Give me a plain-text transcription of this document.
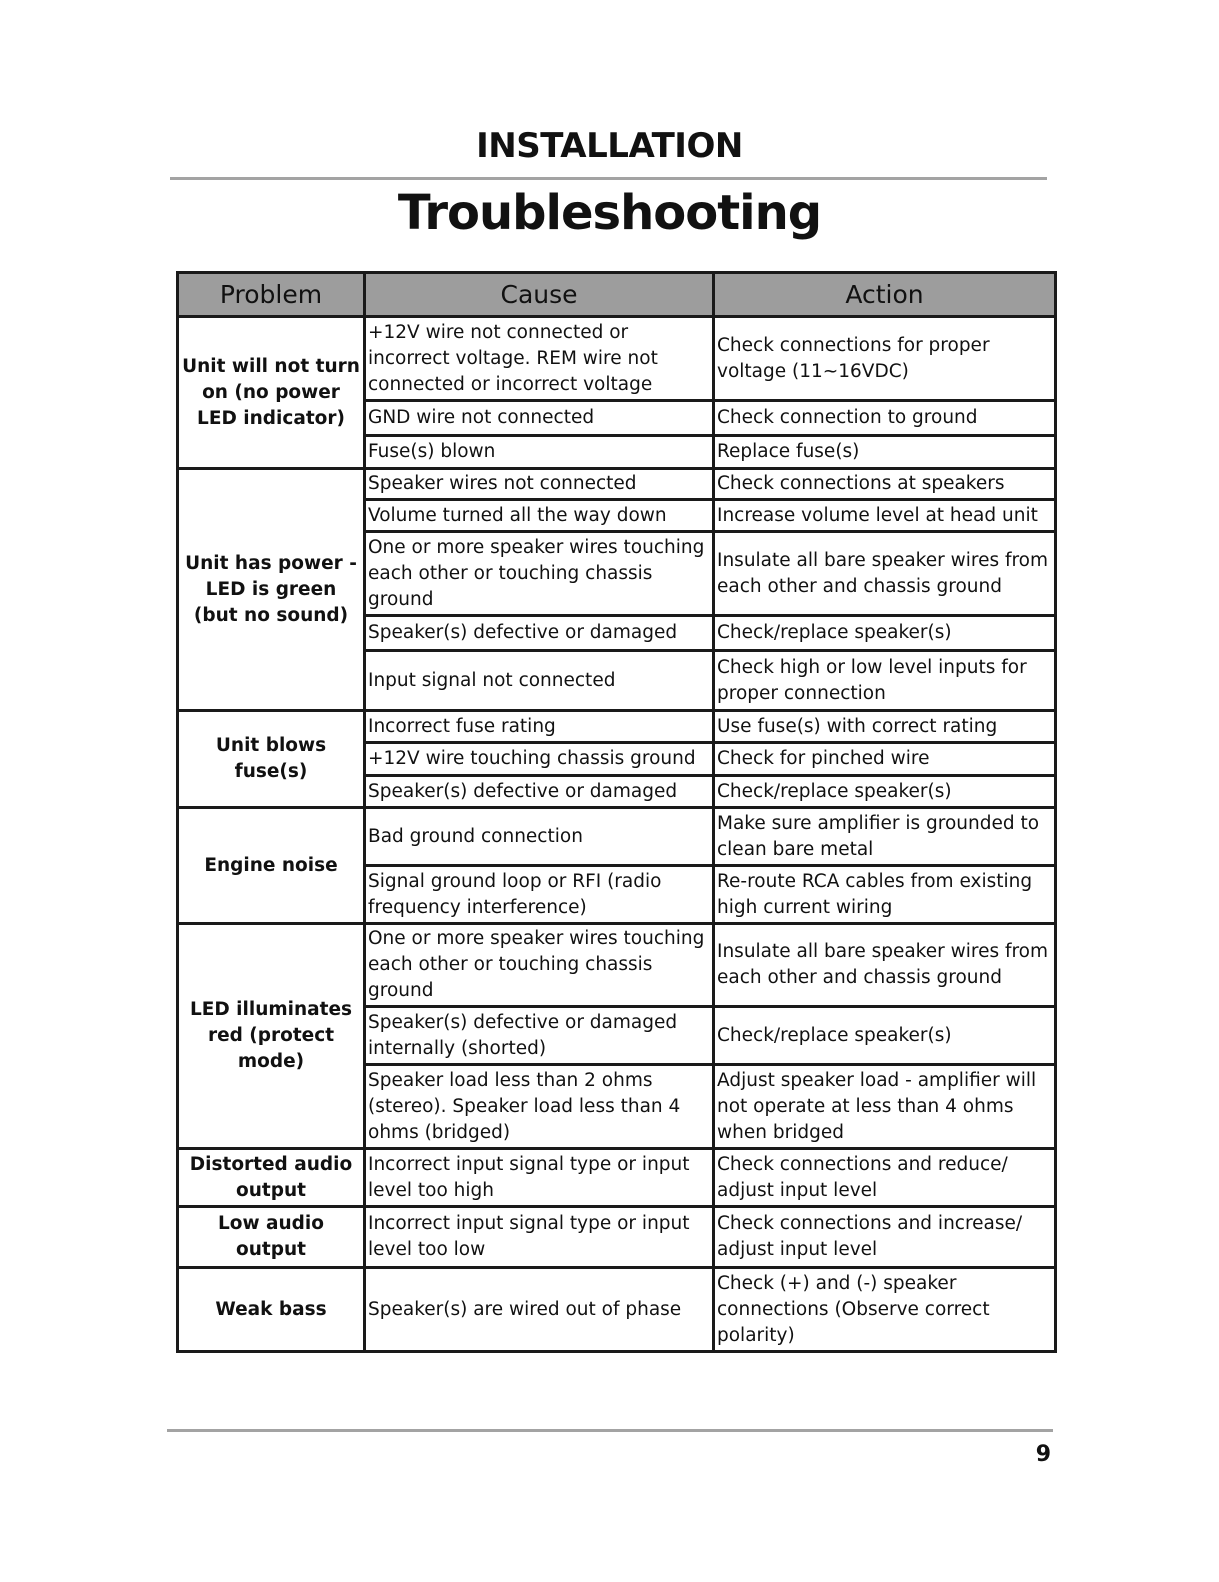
INSTALLATION
Troubleshooting
Problem	Cause	Action
Unit will not turn on (no power LED indicator)	+12V wire not connected or incorrect voltage. REM wire not connected or incorrect voltage	Check connections for proper voltage (11~16VDC)
	GND wire not connected	Check connection to ground
	Fuse(s) blown	Replace fuse(s)
Unit has power - LED is green (but no sound)	Speaker wires not connected	Check connections at speakers
	Volume turned all the way down	Increase volume level at head unit
	One or more speaker wires touching each other or touching chassis ground	Insulate all bare speaker wires from each other and chassis ground
	Speaker(s) defective or damaged	Check/replace speaker(s)
	Input signal not connected	Check high or low level inputs for proper connection
Unit blows fuse(s)	Incorrect fuse rating	Use fuse(s) with correct rating
	+12V wire touching chassis ground	Check for pinched wire
	Speaker(s) defective or damaged	Check/replace speaker(s)
Engine noise	Bad ground connection	Make sure amplifier is grounded to clean bare metal
	Signal ground loop or RFI (radio frequency interference)	Re-route RCA cables from existing high current wiring
LED illuminates red (protect mode)	One or more speaker wires touching each other or touching chassis ground	Insulate all bare speaker wires from each other and chassis ground
	Speaker(s) defective or damaged internally (shorted)	Check/replace speaker(s)
	Speaker load less than 2 ohms (stereo). Speaker load less than 4 ohms (bridged)	Adjust speaker load - amplifier will not operate at less than 4 ohms when bridged
Distorted audio output	Incorrect input signal type or input level too high	Check connections and reduce/ adjust input level
Low audio output	Incorrect input signal type or input level too low	Check connections and increase/ adjust input level
Weak bass	Speaker(s) are wired out of phase	Check (+) and (-) speaker connections (Observe correct polarity)
9
